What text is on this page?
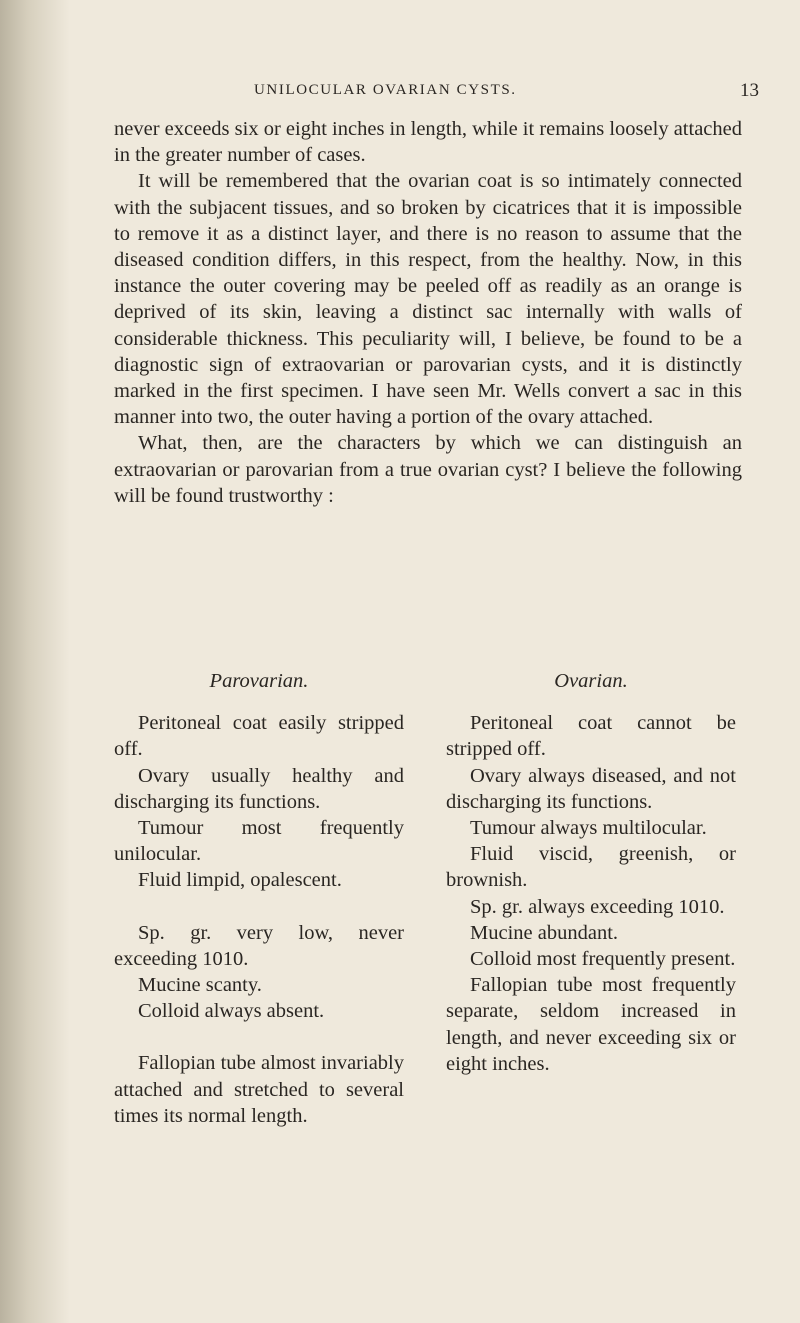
UNILOCULAR OVARIAN CYSTS.	13

never exceeds six or eight inches in length, while it remains loosely attached in the greater number of cases.

It will be remembered that the ovarian coat is so intimately connected with the subjacent tissues, and so broken by cicatrices that it is impossible to remove it as a distinct layer, and there is no reason to assume that the diseased condition differs, in this respect, from the healthy. Now, in this instance the outer covering may be peeled off as readily as an orange is deprived of its skin, leaving a distinct sac internally with walls of considerable thickness. This peculiarity will, I believe, be found to be a diagnostic sign of extraovarian or parovarian cysts, and it is distinctly marked in the first specimen. I have seen Mr. Wells convert a sac in this manner into two, the outer having a portion of the ovary attached.

What, then, are the characters by which we can distinguish an extraovarian or parovarian from a true ovarian cyst? I believe the following will be found trustworthy :

Parovarian.

Peritoneal coat easily stripped off.

Ovary usually healthy and discharging its functions.

Tumour most frequently unilocular.

Fluid limpid, opalescent.

Sp. gr. very low, never exceeding 1010.

Mucine scanty.

Colloid always absent.

Fallopian tube almost invariably attached and stretched to several times its normal length.

Ovarian.

Peritoneal coat cannot be stripped off.

Ovary always diseased, and not discharging its functions.

Tumour always multilocular.

Fluid viscid, greenish, or brownish.

Sp. gr. always exceeding 1010.

Mucine abundant.

Colloid most frequently present.

Fallopian tube most frequently separate, seldom increased in length, and never exceeding six or eight inches.
